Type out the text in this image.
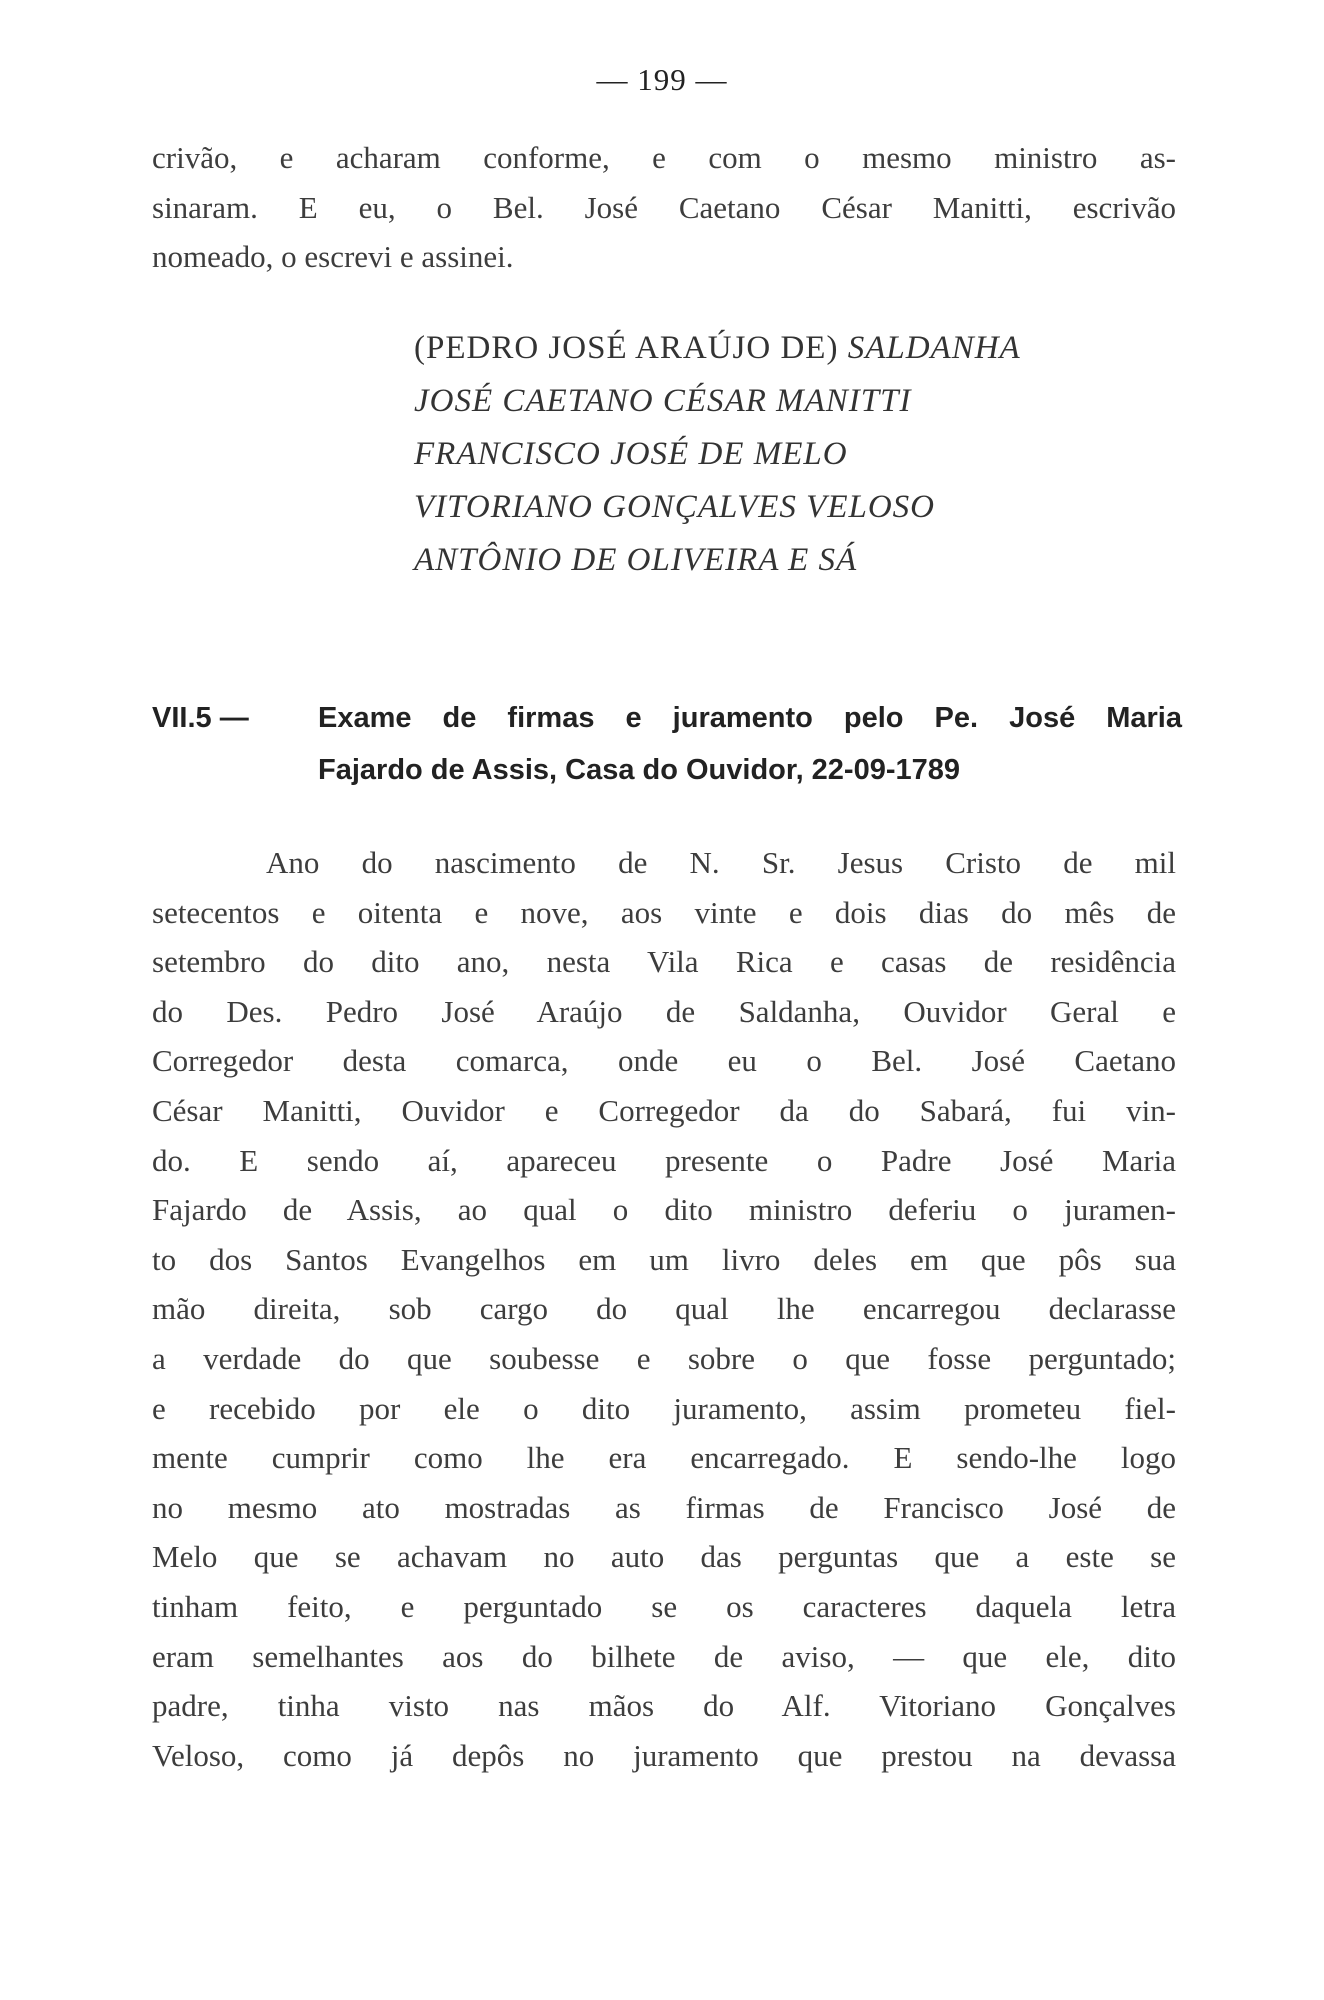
— 199 —
crivão, e acharam conforme, e com o mesmo ministro as-
sinaram. E eu, o Bel. José Caetano César Manitti, escrivão
nomeado, o escrevi e assinei.
(PEDRO JOSÉ ARAÚJO DE) SALDANHA
JOSÉ CAETANO CÉSAR MANITTI
FRANCISCO JOSÉ DE MELO
VITORIANO GONÇALVES VELOSO
ANTÔNIO DE OLIVEIRA E SÁ
VII.5 — Exame de firmas e juramento pelo Pe. José Maria
Fajardo de Assis, Casa do Ouvidor, 22-09-1789
Ano do nascimento de N. Sr. Jesus Cristo de mil
setecentos e oitenta e nove, aos vinte e dois dias do mês de
setembro do dito ano, nesta Vila Rica e casas de residência
do Des. Pedro José Araújo de Saldanha, Ouvidor Geral e
Corregedor desta comarca, onde eu o Bel. José Caetano
César Manitti, Ouvidor e Corregedor da do Sabará, fui vin-
do. E sendo aí, apareceu presente o Padre José Maria
Fajardo de Assis, ao qual o dito ministro deferiu o juramen-
to dos Santos Evangelhos em um livro deles em que pôs sua
mão direita, sob cargo do qual lhe encarregou declarasse
a verdade do que soubesse e sobre o que fosse perguntado;
e recebido por ele o dito juramento, assim prometeu fiel-
mente cumprir como lhe era encarregado. E sendo-lhe logo
no mesmo ato mostradas as firmas de Francisco José de
Melo que se achavam no auto das perguntas que a este se
tinham feito, e perguntado se os caracteres daquela letra
eram semelhantes aos do bilhete de aviso, — que ele, dito
padre, tinha visto nas mãos do Alf. Vitoriano Gonçalves
Veloso, como já depôs no juramento que prestou na devassa
